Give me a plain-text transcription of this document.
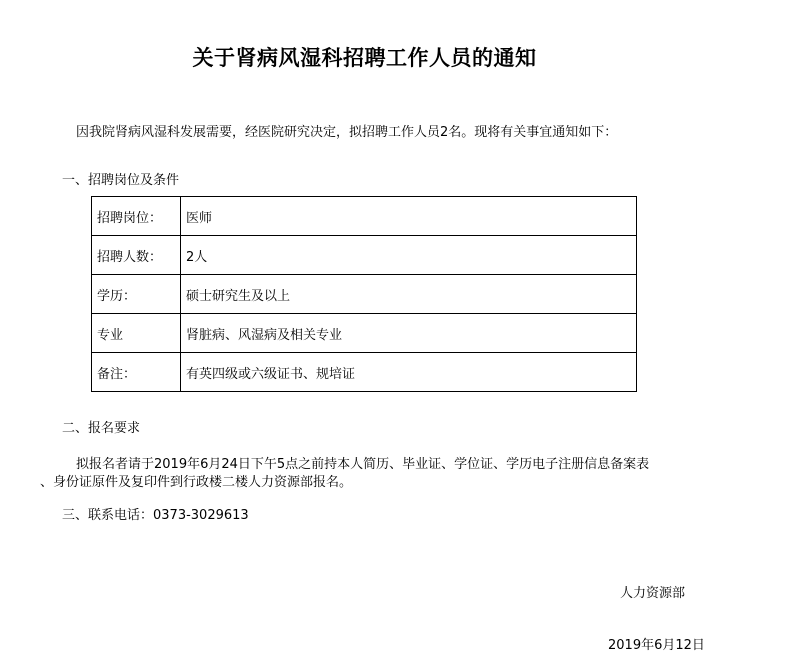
关于肾病风湿科招聘工作人员的通知
因我院肾病风湿科发展需要，经医院研究决定，拟招聘工作人员2名。现将有关事宜通知如下：
一、招聘岗位及条件
招聘岗位：	医师
招聘人数：	2人
学历：	硕士研究生及以上
专业	肾脏病、风湿病及相关专业
备注：	有英四级或六级证书、规培证
二、报名要求
拟报名者请于2019年6月24日下午5点之前持本人简历、毕业证、学位证、学历电子注册信息备案表
、身份证原件及复印件到行政楼二楼人力资源部报名。
三、联系电话：0373-3029613
人力资源部
2019年6月12日
